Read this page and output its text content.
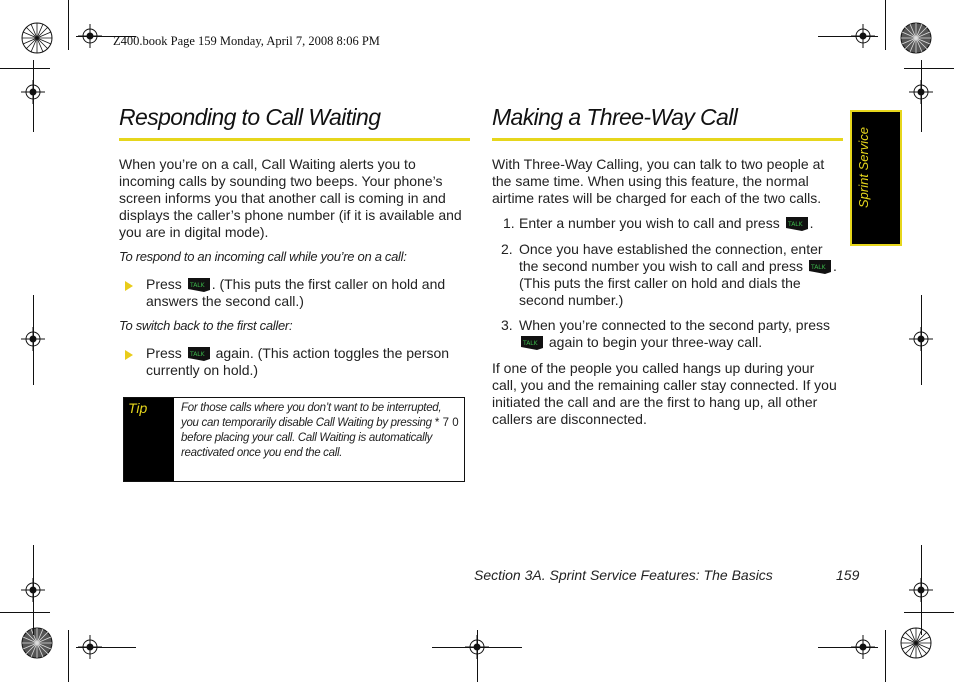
Z400.book Page 159 Monday, April 7, 2008 8:06 PM
Responding to Call Waiting
When you’re on a call, Call Waiting alerts you to incoming calls by sounding two beeps. Your phone’s screen informs you that another call is coming in and displays the caller’s phone number (if it is available and you are in digital mode).
To respond to an incoming call while you’re on a call:
Press TALK . (This puts the first caller on hold and answers the second call.)
To switch back to the first caller:
Press TALK again. (This action toggles the person currently on hold.)
Tip	For those calls where you don’t want to be interrupted, you can temporarily disable Call Waiting by pressing * 7 0 before placing your call. Call Waiting is automatically reactivated once you end the call.
Making a Three-Way Call
With Three-Way Calling, you can talk to two people at the same time. When using this feature, the normal airtime rates will be charged for each of the two calls.
1. Enter a number you wish to call and press TALK .
2. Once you have established the connection, enter the second number you wish to call and press TALK . (This puts the first caller on hold and dials the second number.)
3. When you’re connected to the second party, press
TALK again to begin your three-way call.
If one of the people you called hangs up during your call, you and the remaining caller stay connected. If you initiated the call and are the first to hang up, all other callers are disconnected.
Sprint Service
Section 3A. Sprint Service Features: The Basics	159
